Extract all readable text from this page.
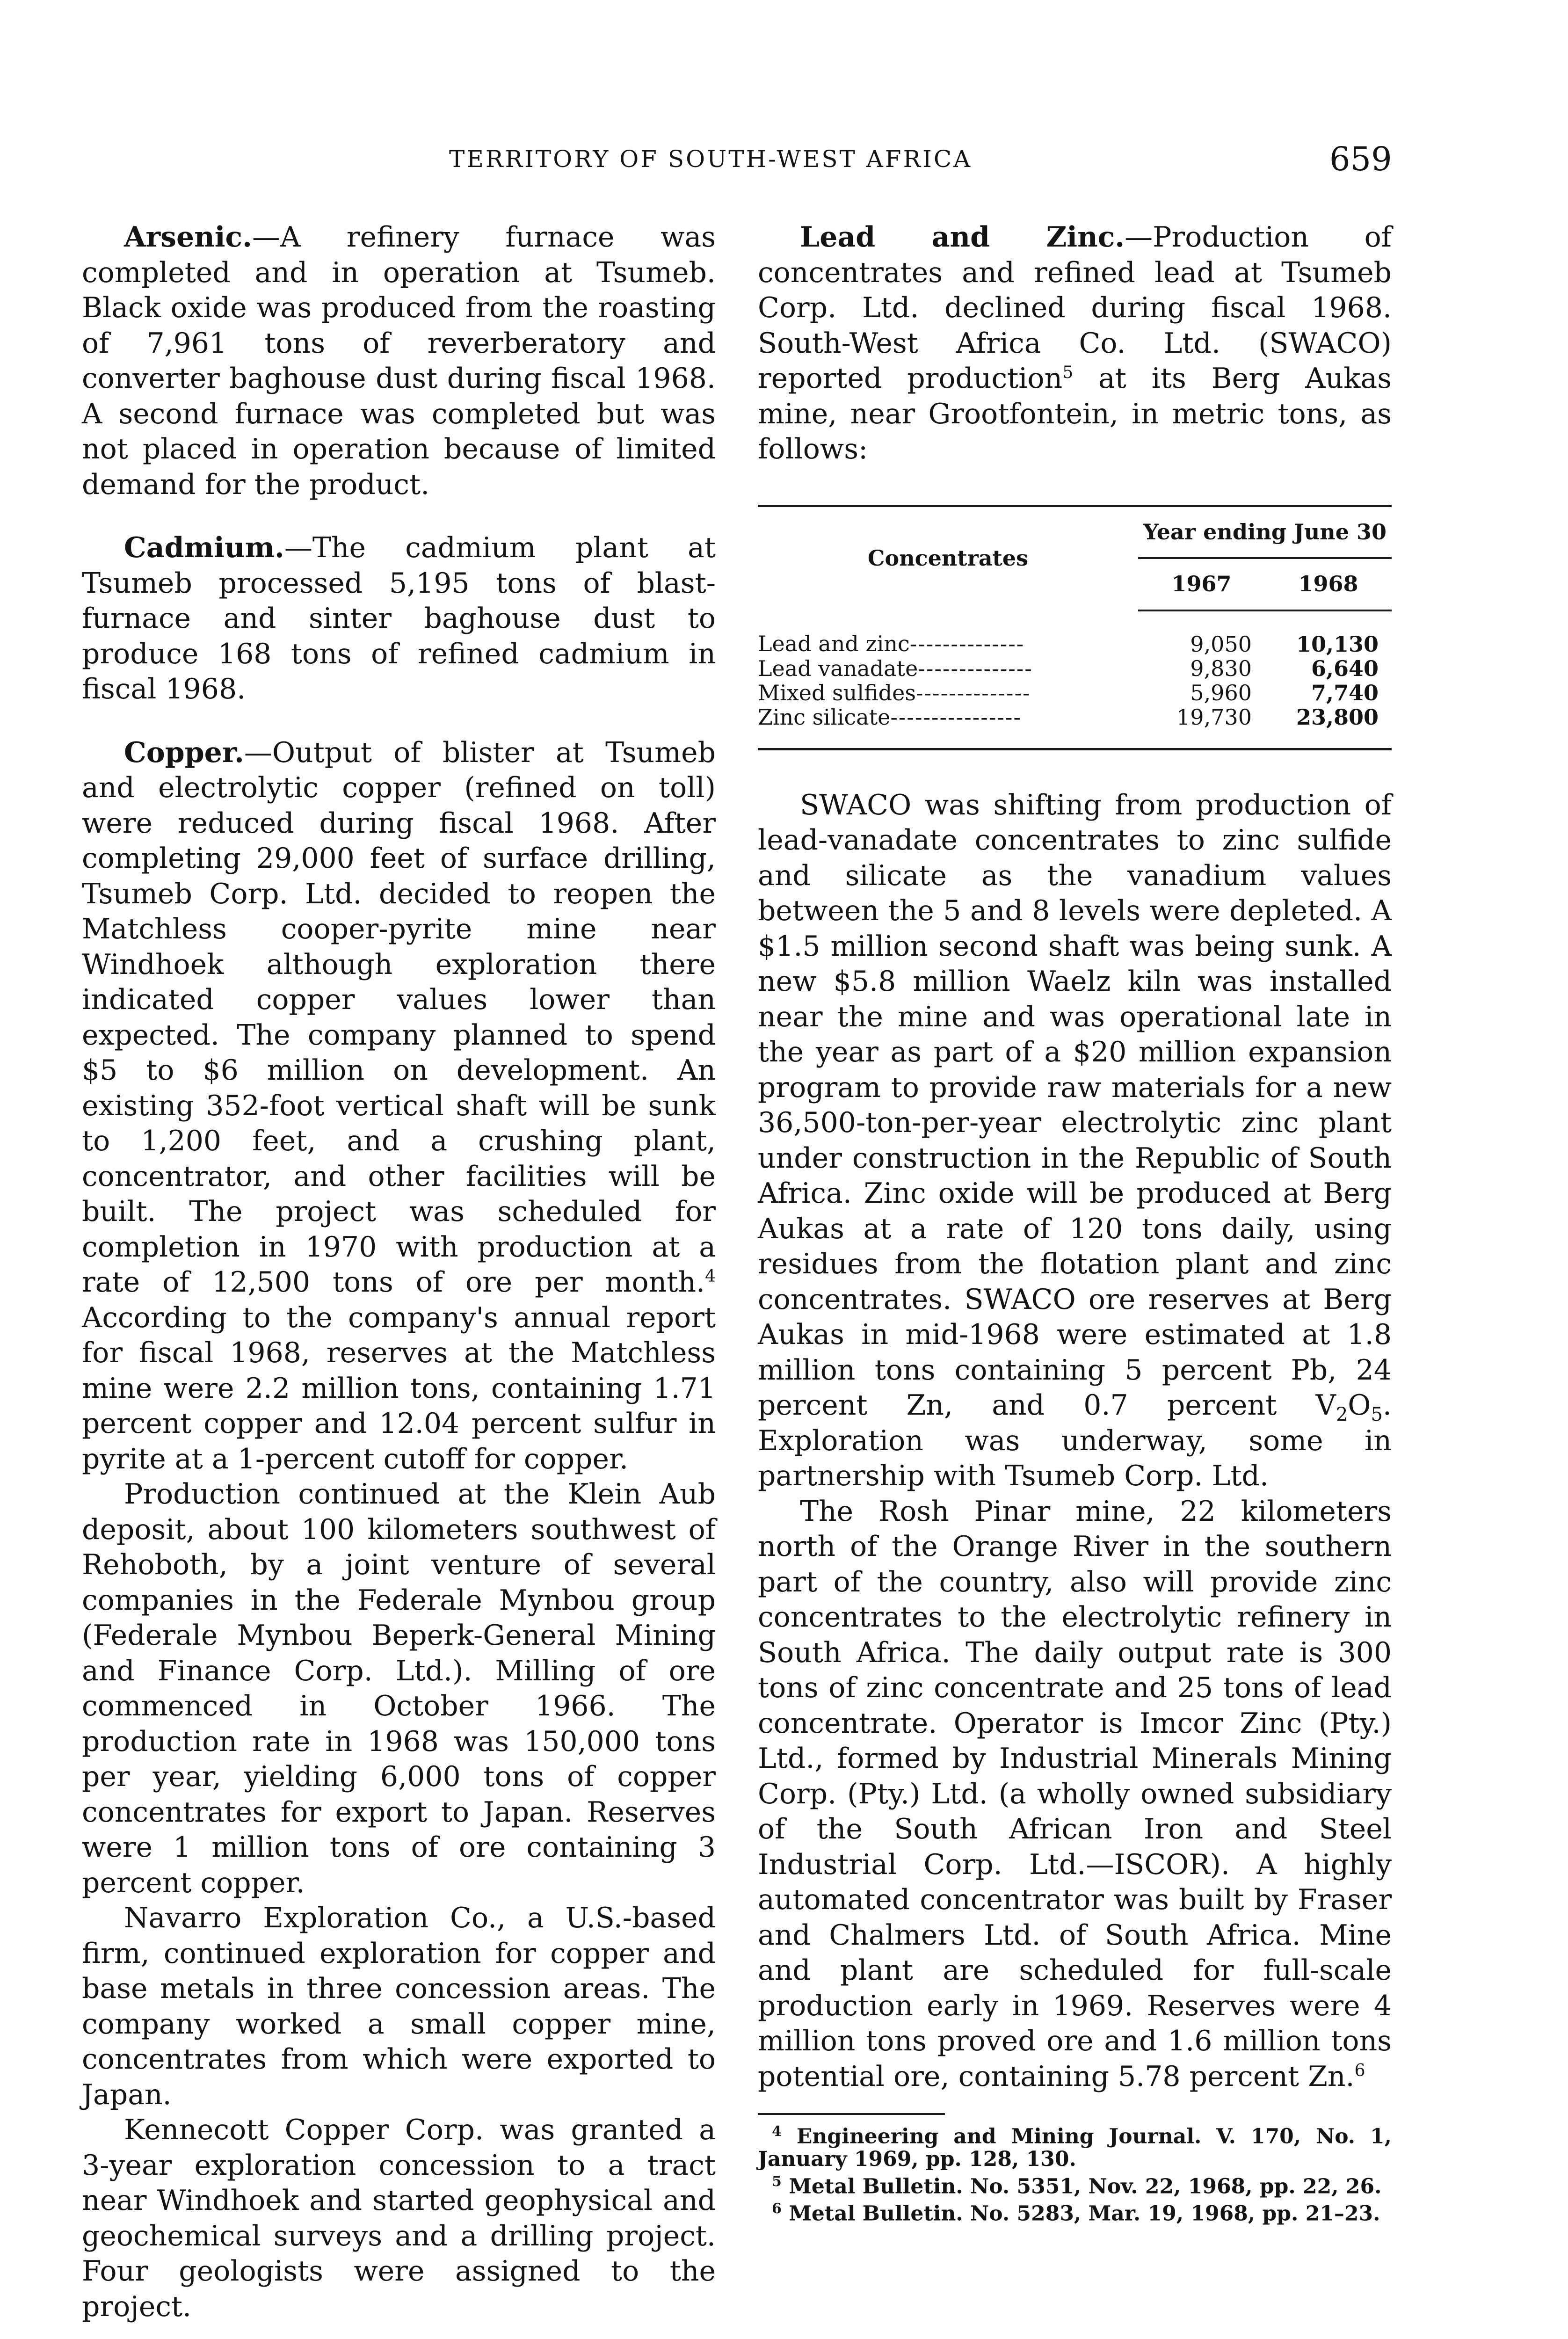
TERRITORY OF SOUTH-WEST AFRICA	659

Arsenic.—A refinery furnace was completed and in operation at Tsumeb. Black oxide was produced from the roasting of 7,961 tons of reverberatory and converter baghouse dust during fiscal 1968. A second furnace was completed but was not placed in operation because of limited demand for the product.

Cadmium.—The cadmium plant at Tsumeb processed 5,195 tons of blast-furnace and sinter baghouse dust to produce 168 tons of refined cadmium in fiscal 1968.

Copper.—Output of blister at Tsumeb and electrolytic copper (refined on toll) were reduced during fiscal 1968. After completing 29,000 feet of surface drilling, Tsumeb Corp. Ltd. decided to reopen the Matchless cooper-pyrite mine near Windhoek although exploration there indicated copper values lower than expected. The company planned to spend $5 to $6 million on development. An existing 352-foot vertical shaft will be sunk to 1,200 feet, and a crushing plant, concentrator, and other facilities will be built. The project was scheduled for completion in 1970 with production at a rate of 12,500 tons of ore per month.$^4$ According to the company's annual report for fiscal 1968, reserves at the Matchless mine were 2.2 million tons, containing 1.71 percent copper and 12.04 percent sulfur in pyrite at a 1-percent cutoff for copper.

Production continued at the Klein Aub deposit, about 100 kilometers southwest of Rehoboth, by a joint venture of several companies in the Federale Mynbou group (Federale Mynbou Beperk-General Mining and Finance Corp. Ltd.). Milling of ore commenced in October 1966. The production rate in 1968 was 150,000 tons per year, yielding 6,000 tons of copper concentrates for export to Japan. Reserves were 1 million tons of ore containing 3 percent copper.

Navarro Exploration Co., a U.S.-based firm, continued exploration for copper and base metals in three concession areas. The company worked a small copper mine, concentrates from which were exported to Japan.

Kennecott Copper Corp. was granted a 3-year exploration concession to a tract near Windhoek and started geophysical and geochemical surveys and a drilling project. Four geologists were assigned to the project.

Lead and Zinc.—Production of concentrates and refined lead at Tsumeb Corp. Ltd. declined during fiscal 1968. South-West Africa Co. Ltd. (SWACO) reported production$^5$ at its Berg Aukas mine, near Grootfontein, in metric tons, as follows:

Concentrates	Year ending June 30	
	1967	1968
Lead and zinc--------------	9,050	10,130
Lead vanadate--------------	9,830	6,640
Mixed sulfides--------------	5,960	7,740
Zinc silicate----------------	19,730	23,800

SWACO was shifting from production of lead-vanadate concentrates to zinc sulfide and silicate as the vanadium values between the 5 and 8 levels were depleted. A $1.5 million second shaft was being sunk. A new $5.8 million Waelz kiln was installed near the mine and was operational late in the year as part of a $20 million expansion program to provide raw materials for a new 36,500-ton-per-year electrolytic zinc plant under construction in the Republic of South Africa. Zinc oxide will be produced at Berg Aukas at a rate of 120 tons daily, using residues from the flotation plant and zinc concentrates. SWACO ore reserves at Berg Aukas in mid-1968 were estimated at 1.8 million tons containing 5 percent Pb, 24 percent Zn, and 0.7 percent $V_2O_5$. Exploration was underway, some in partnership with Tsumeb Corp. Ltd.

The Rosh Pinar mine, 22 kilometers north of the Orange River in the southern part of the country, also will provide zinc concentrates to the electrolytic refinery in South Africa. The daily output rate is 300 tons of zinc concentrate and 25 tons of lead concentrate. Operator is Imcor Zinc (Pty.) Ltd., formed by Industrial Minerals Mining Corp. (Pty.) Ltd. (a wholly owned subsidiary of the South African Iron and Steel Industrial Corp. Ltd.—ISCOR). A highly automated concentrator was built by Fraser and Chalmers Ltd. of South Africa. Mine and plant are scheduled for full-scale production early in 1969. Reserves were 4 million tons proved ore and 1.6 million tons potential ore, containing 5.78 percent Zn.$^6$

$^4$ Engineering and Mining Journal. V. 170, No. 1, January 1969, pp. 128, 130.

$^5$ Metal Bulletin. No. 5351, Nov. 22, 1968, pp. 22, 26.

$^6$ Metal Bulletin. No. 5283, Mar. 19, 1968, pp. 21–23.
